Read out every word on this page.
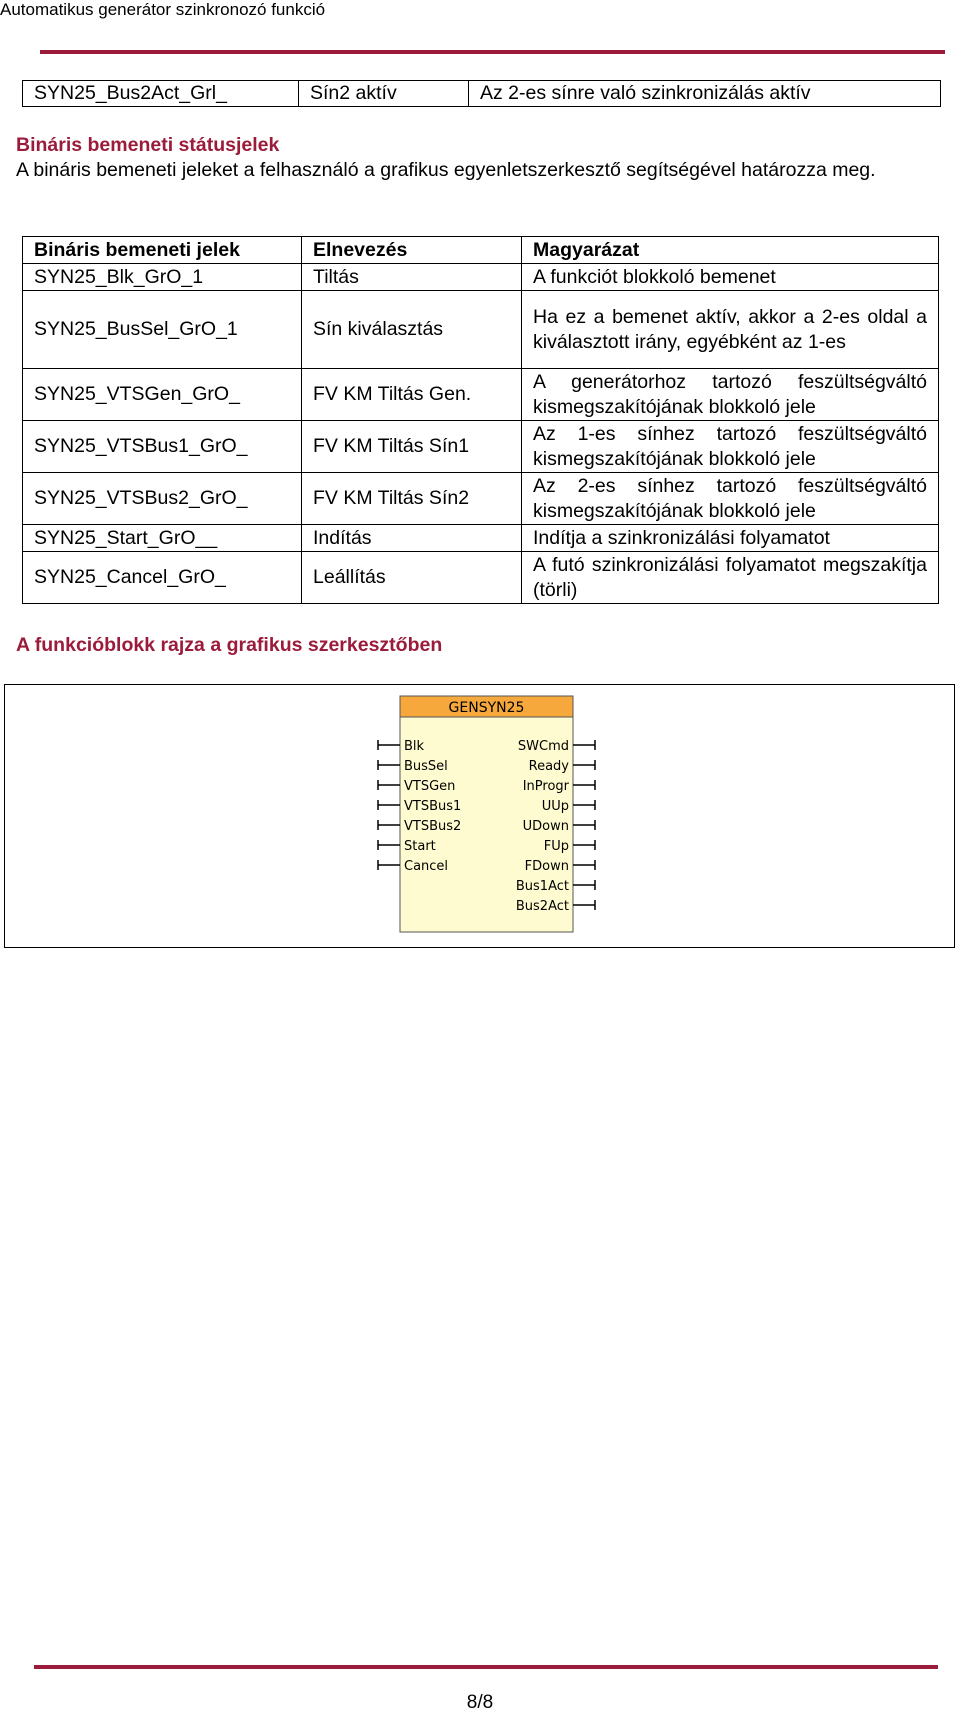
Automatikus generátor szinkronozó funkció
SYN25_Bus2Act_Grl_	Sín2 aktív	Az 2-es sínre való szinkronizálás aktív
Bináris bemeneti státusjelek
A bináris bemeneti jeleket a felhasználó a grafikus egyenletszerkesztő segítségével határozza meg.
Bináris bemeneti jelek	Elnevezés	Magyarázat
SYN25_Blk_GrO_1	Tiltás	A funkciót blokkoló bemenet
SYN25_BusSel_GrO_1	Sín kiválasztás	Ha ez a bemenet aktív, akkor a 2-es oldal a kiválasztott irány, egyébként az 1-es
SYN25_VTSGen_GrO_	FV KM Tiltás Gen.	A generátorhoz tartozó feszültségváltó kismegszakítójának blokkoló jele
SYN25_VTSBus1_GrO_	FV KM Tiltás Sín1	Az 1-es sínhez tartozó feszültségváltó kismegszakítójának blokkoló jele
SYN25_VTSBus2_GrO_	FV KM Tiltás Sín2	Az 2-es sínhez tartozó feszültségváltó kismegszakítójának blokkoló jele
SYN25_Start_GrO__	Indítás	Indítja a szinkronizálási folyamatot
SYN25_Cancel_GrO_	Leállítás	A futó szinkronizálási folyamatot megszakítja (törli)
A funkcióblokk rajza a grafikus szerkesztőben
GENSYN25
Blk
BusSel
VTSGen
VTSBus1
VTSBus2
Start
Cancel
SWCmd
Ready
InProgr
UUp
UDown
FUp
FDown
Bus1Act
Bus2Act
8/8
